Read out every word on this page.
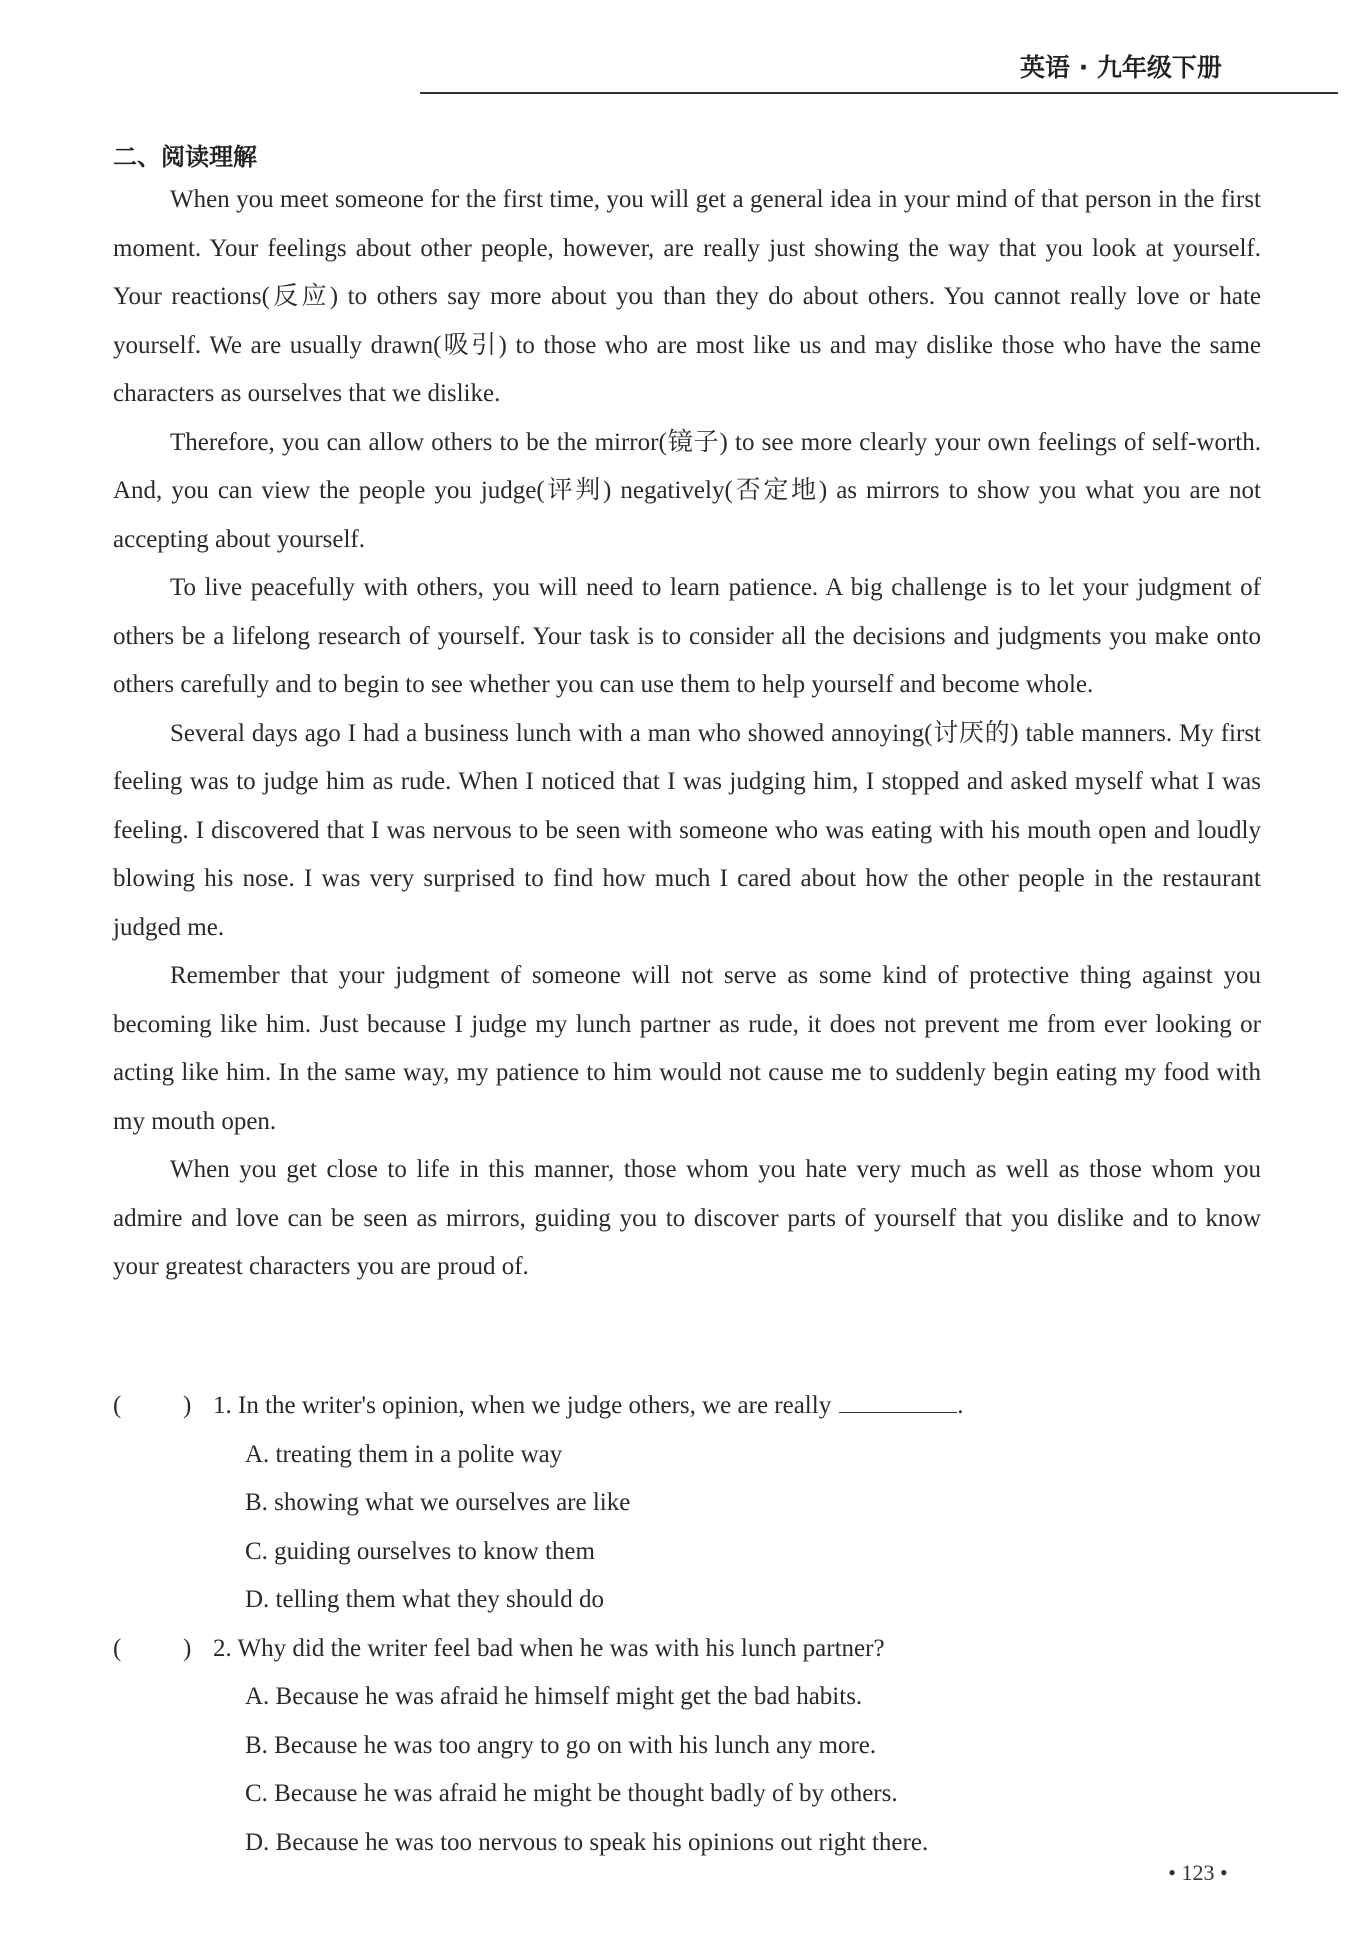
英语 · 九年级下册
二、阅读理解

When you meet someone for the first time, you will get a general idea in your mind of that person in the first moment. Your feelings about other people, however, are really just showing the way that you look at yourself. Your reactions(反应) to others say more about you than they do about others. You cannot really love or hate yourself. We are usually drawn(吸引) to those who are most like us and may dislike those who have the same characters as ourselves that we dislike.

Therefore, you can allow others to be the mirror(镜子) to see more clearly your own feelings of self-worth. And, you can view the people you judge(评判) negatively(否定地) as mirrors to show you what you are not accepting about yourself.

To live peacefully with others, you will need to learn patience. A big challenge is to let your judgment of others be a lifelong research of yourself. Your task is to consider all the decisions and judgments you make onto others carefully and to begin to see whether you can use them to help yourself and become whole.

Several days ago I had a business lunch with a man who showed annoying(讨厌的) table manners. My first feeling was to judge him as rude. When I noticed that I was judging him, I stopped and asked myself what I was feeling. I discovered that I was nervous to be seen with someone who was eating with his mouth open and loudly blowing his nose. I was very surprised to find how much I cared about how the other people in the restaurant judged me.

Remember that your judgment of someone will not serve as some kind of protective thing against you becoming like him. Just because I judge my lunch partner as rude, it does not prevent me from ever looking or acting like him. In the same way, my patience to him would not cause me to suddenly begin eating my food with my mouth open.

When you get close to life in this manner, those whom you hate very much as well as those whom you admire and love can be seen as mirrors, guiding you to discover parts of yourself that you dislike and to know your greatest characters you are proud of.

(	) 1. In the writer's opinion, when we judge others, we are really	.
A. treating them in a polite way
B. showing what we ourselves are like
C. guiding ourselves to know them
D. telling them what they should do
(	) 2. Why did the writer feel bad when he was with his lunch partner?
A. Because he was afraid he himself might get the bad habits.
B. Because he was too angry to go on with his lunch any more.
C. Because he was afraid he might be thought badly of by others.
D. Because he was too nervous to speak his opinions out right there.
• 123 •
